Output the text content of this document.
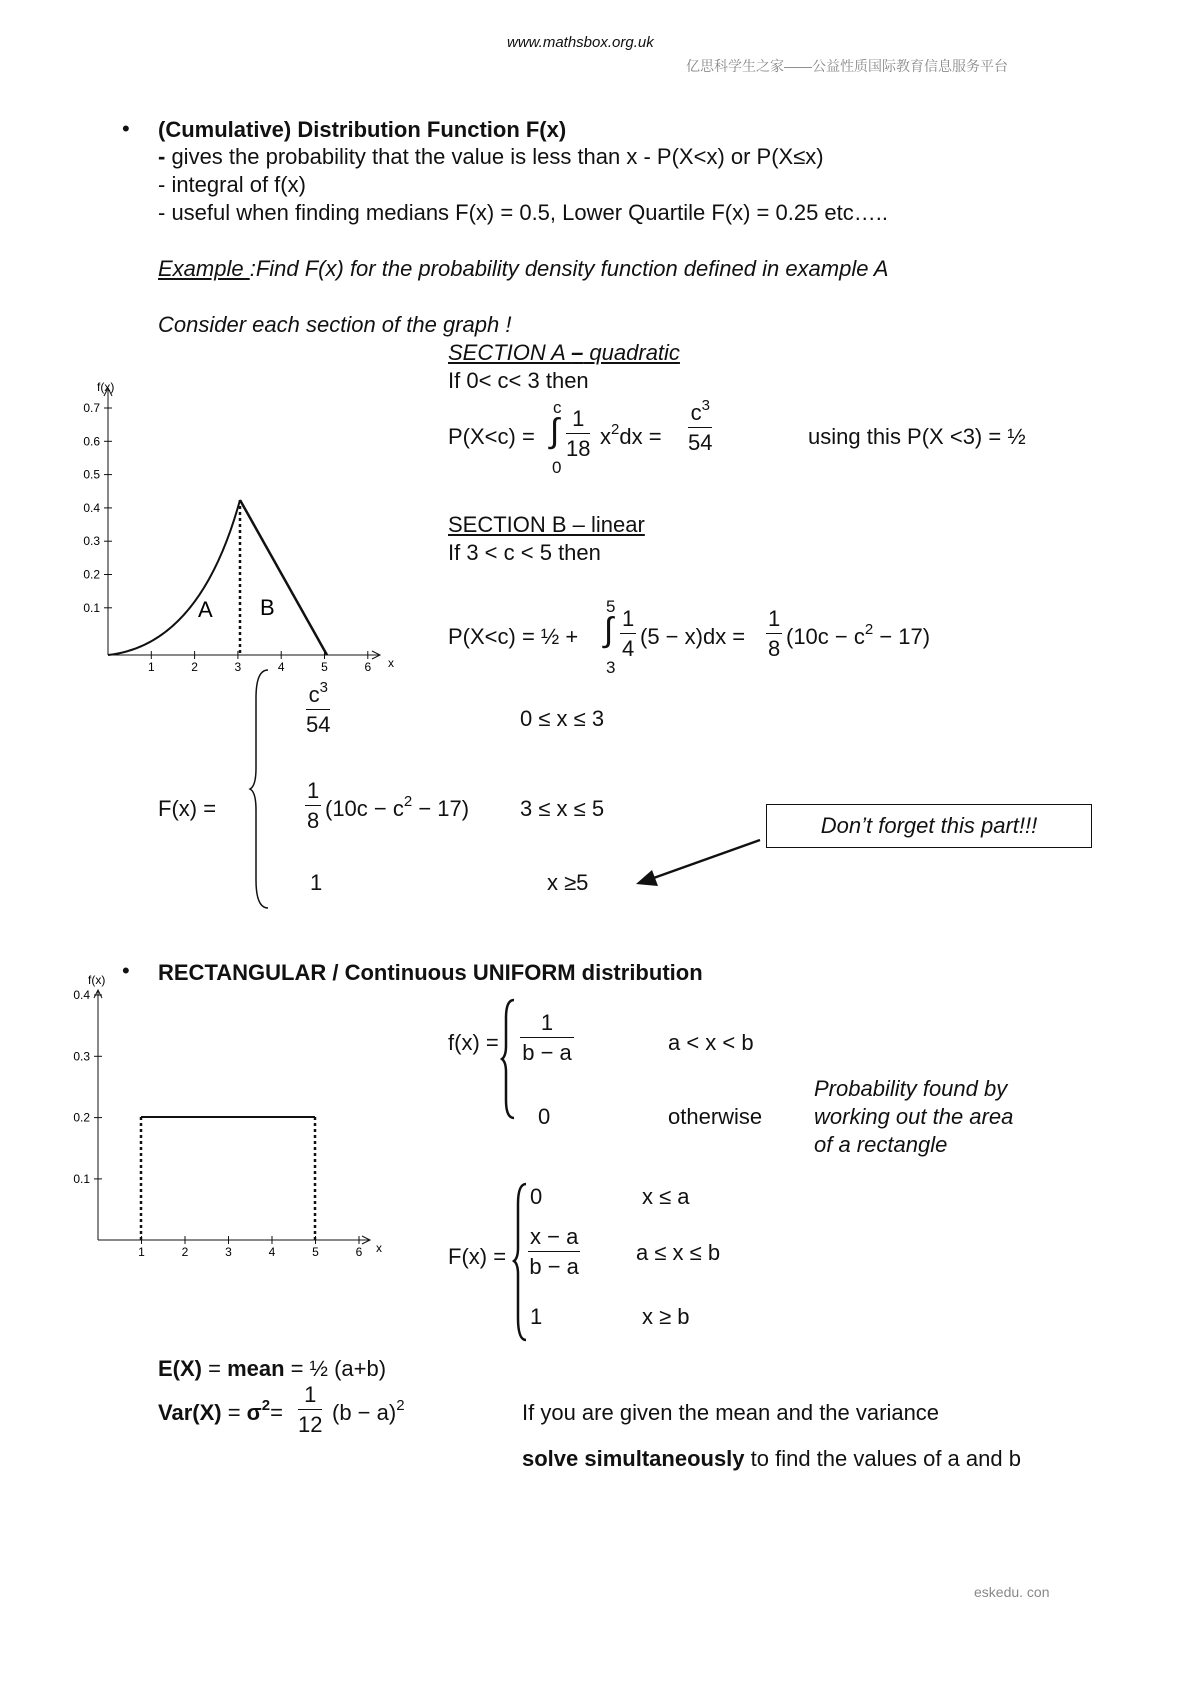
www.mathsbox.org.uk
亿思科学生之家——公益性质国际教育信息服务平台
• (Cumulative) Distribution Function F(x)
- gives the probability that the value is less than x - P(X<x) or P(X≤x)
- integral of f(x)
- useful when finding medians F(x) = 0.5, Lower Quartile F(x) = 0.25 etc…..
Example :Find F(x) for the probability density function defined in example A
Consider each section of the graph !
SECTION A – quadratic
If 0< c< 3 then
P(X<c) =
c
∫
0
$\frac{1}{18} x^2dx = \frac{c^3}{54}$	using this P(X <3) = ½
SECTION B – linear
If 3 < c < 5 then
P(X<c) = ½ +
5
∫
3
$\frac{1}{4} (5 - x)dx = \frac{1}{8} (10c - c^2 - 17)$
f(x)
x
0.7
0.6
0.5
0.4
0.3
0.2
0.1
1	2	3	4	5	6
A B
F(x) =
$\frac{c^3}{54}$	0 ≤ x ≤ 3
$\frac{1}{8} (10c - c^2 - 17) 3 \le x \le 5$
1	x ≥5
Don’t forget this part!!!
• RECTANGULAR / Continuous UNIFORM distribution
f(x)
x
0.4
0.3
0.2
0.1
1	2	3	4	5	6
$f(x) = \frac{1}{b - a}$	a < x < b
0	otherwise
Probability found by
working out the area
of a rectangle
F(x) =
0	x ≤ a
$\frac{x - a}{b - a}$	a ≤ x ≤ b
1	x ≥ b
E(X) = mean = ½ (a+b)
$Var(X) = \sigma^2= \frac{1}{12} (b - a)^2$	If you are given the mean and the variance
solve simultaneously to find the values of a and b
eskedu. con
